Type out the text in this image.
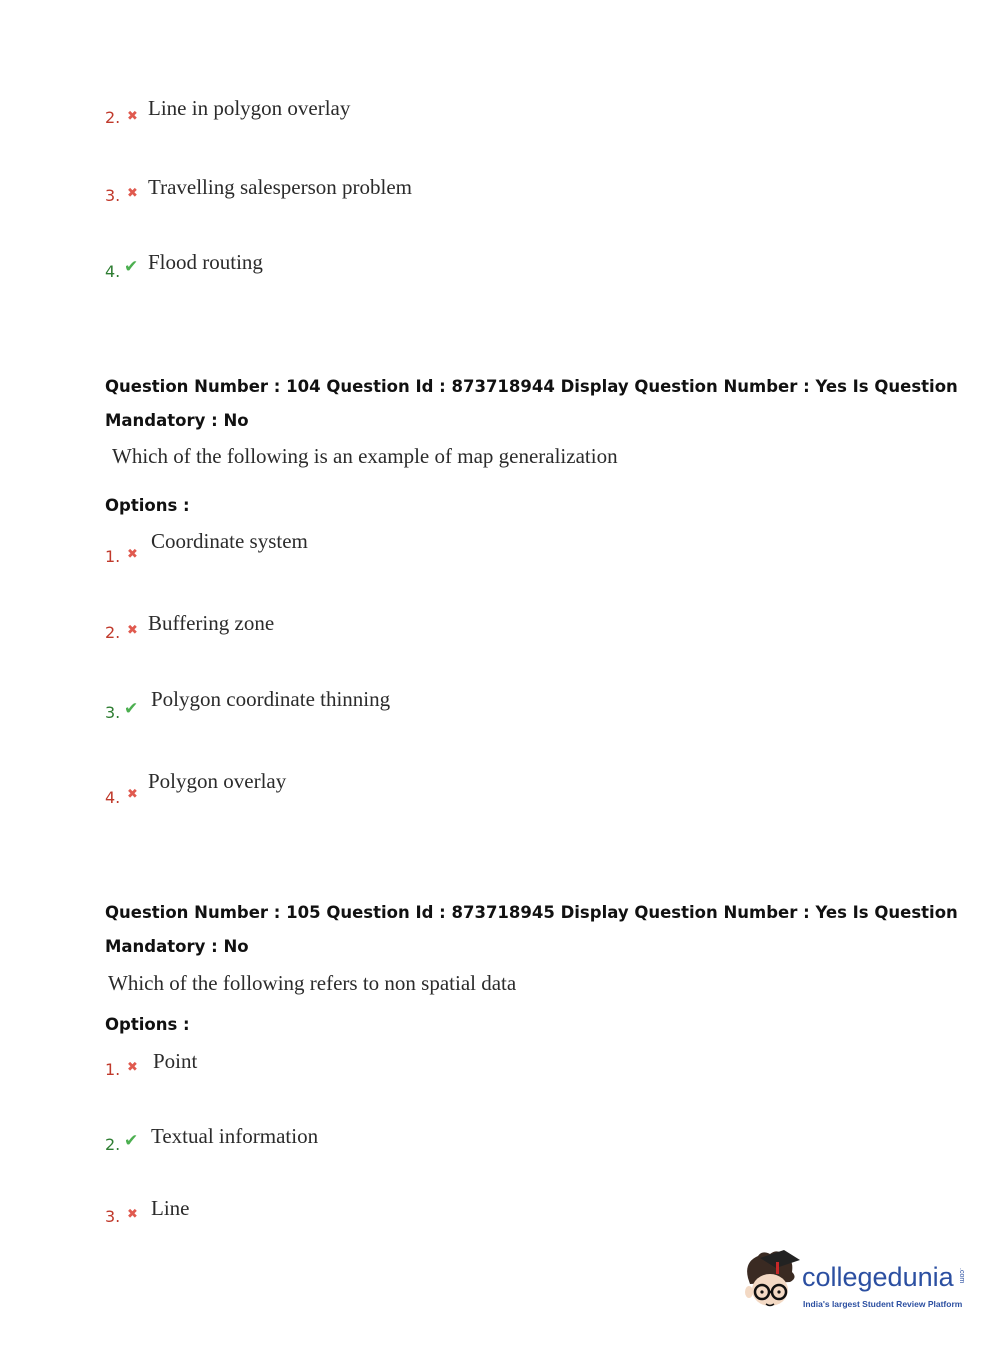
2. ✖ Line in polygon overlay
3. ✖ Travelling salesperson problem
4. ✔ Flood routing
Question Number : 104 Question Id : 873718944 Display Question Number : Yes Is Question
Mandatory : No
Which of the following is an example of map generalization
Options :
1. ✖
Coordinate system
2. ✖ Buffering zone
3. ✔ Polygon coordinate thinning
4. ✖
Polygon overlay
Question Number : 105 Question Id : 873718945 Display Question Number : Yes Is Question
Mandatory : No
Which of the following refers to non spatial data
Options :
1. ✖ Point
2. ✔ Textual information
3. ✖ Line
collegedunia .com
India's largest Student Review Platform
